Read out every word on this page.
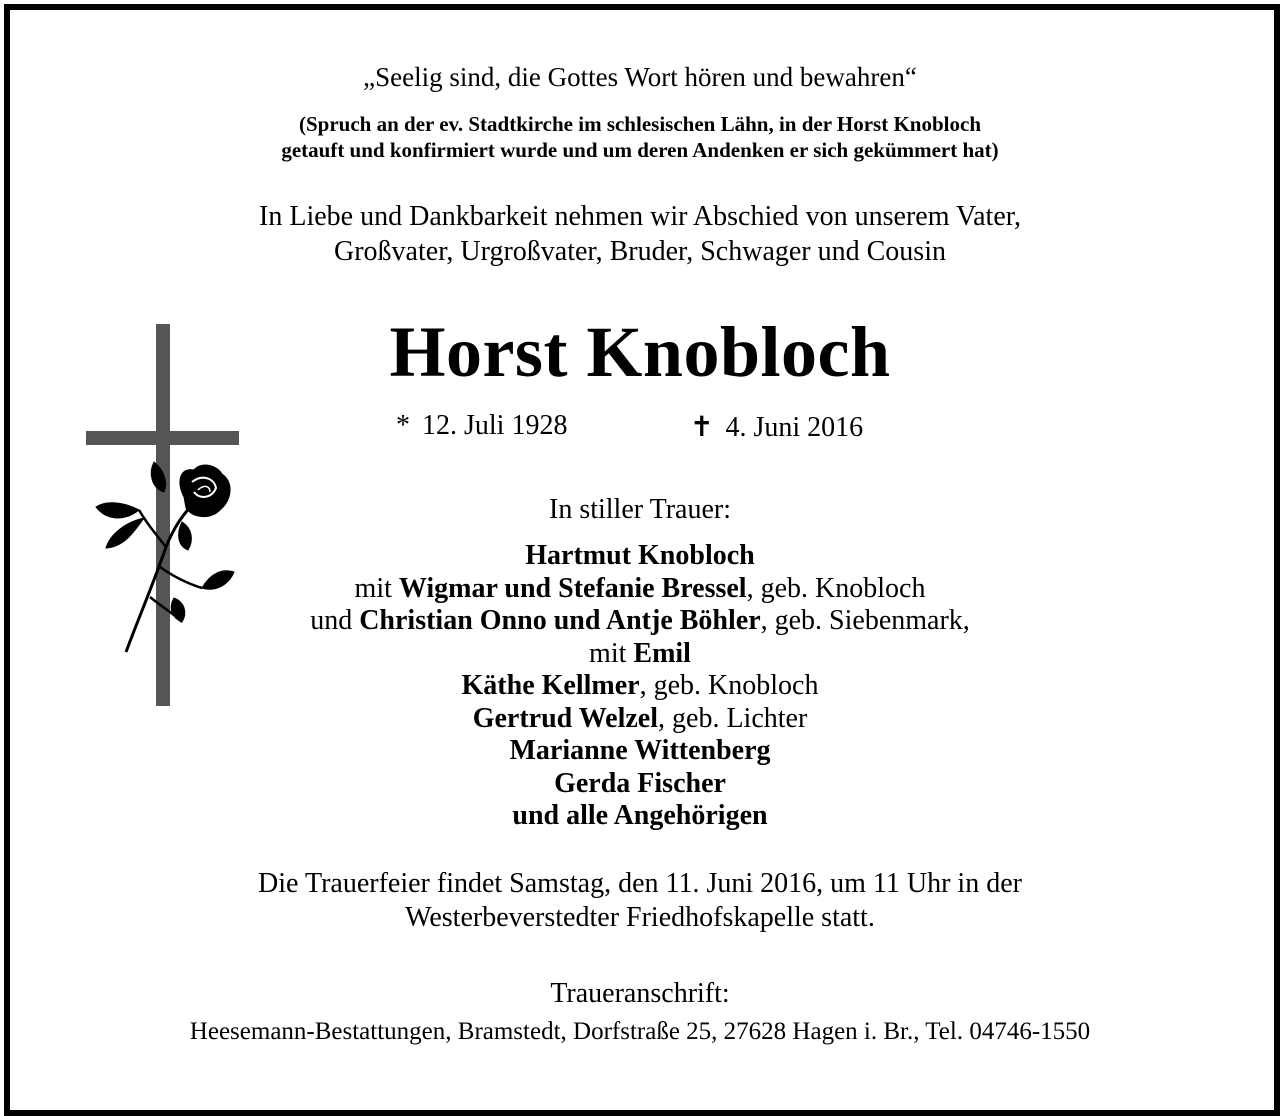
„Seelig sind, die Gottes Wort hören und bewahren“
(Spruch an der ev. Stadtkirche im schlesischen Lähn, in der Horst Knobloch
getauft und konfirmiert wurde und um deren Andenken er sich gekümmert hat)
In Liebe und Dankbarkeit nehmen wir Abschied von unserem Vater,
Großvater, Urgroßvater, Bruder, Schwager und Cousin
Horst Knobloch
* 12. Juli 1928	✝ 4. Juni 2016
In stiller Trauer:
Hartmut Knobloch
mit Wigmar und Stefanie Bressel, geb. Knobloch
und Christian Onno und Antje Böhler, geb. Siebenmark,
mit Emil
Käthe Kellmer, geb. Knobloch
Gertrud Welzel, geb. Lichter
Marianne Wittenberg
Gerda Fischer
und alle Angehörigen
Die Trauerfeier findet Samstag, den 11. Juni 2016, um 11 Uhr in der
Westerbeverstedter Friedhofskapelle statt.
Traueranschrift:
Heesemann-Bestattungen, Bramstedt, Dorfstraße 25, 27628 Hagen i. Br., Tel. 04746-1550
